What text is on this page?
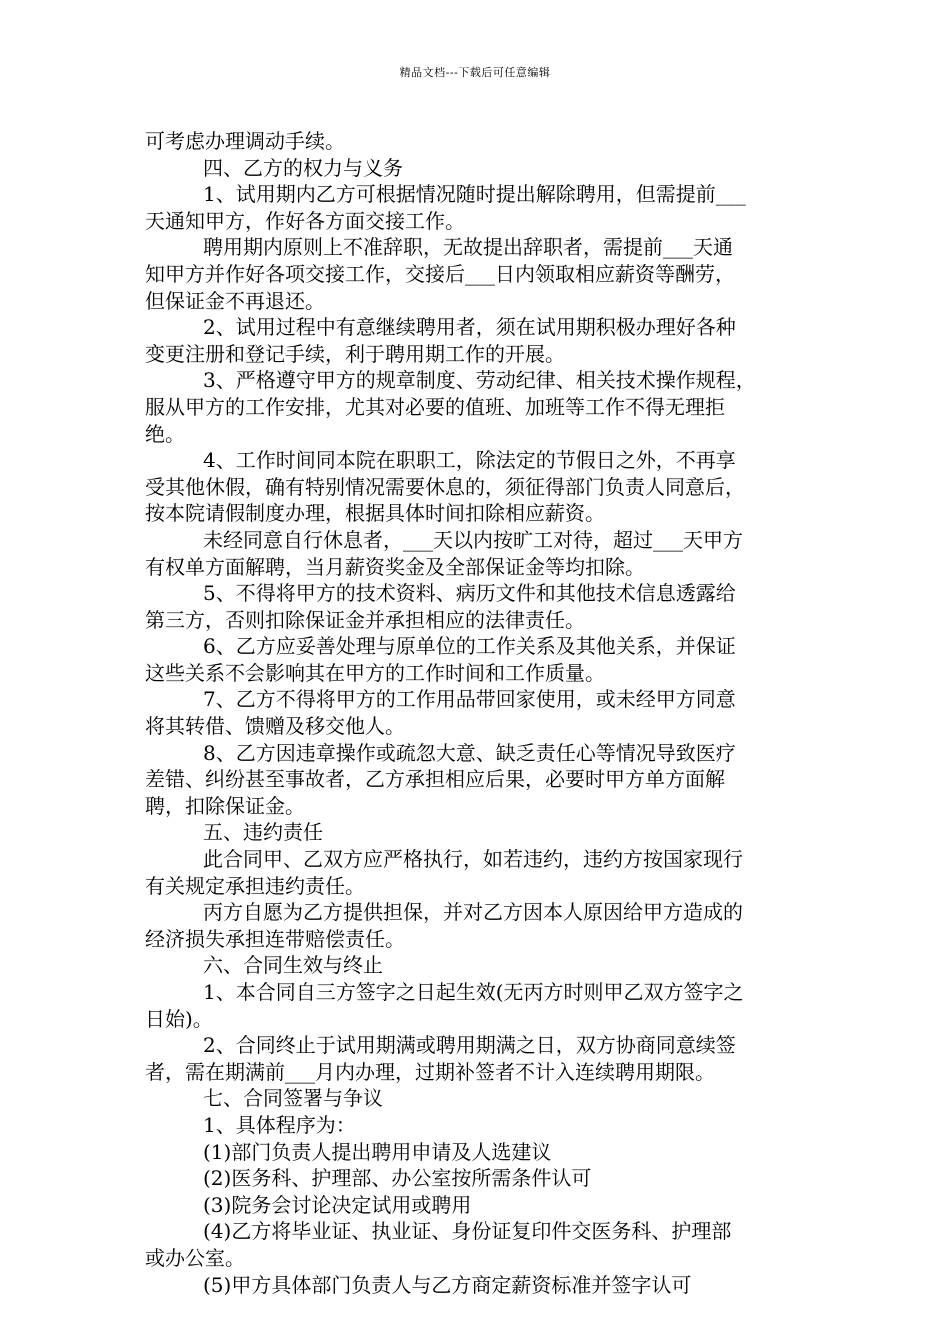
精品文档---下载后可任意编辑

可考虑办理调动手续。

四、乙方的权力与义务

1、试用期内乙方可根据情况随时提出解除聘用，但需提前___

天通知甲方，作好各方面交接工作。

聘用期内原则上不准辞职，无故提出辞职者，需提前___天通

知甲方并作好各项交接工作，交接后___日内领取相应薪资等酬劳，

但保证金不再退还。

2、试用过程中有意继续聘用者，须在试用期积极办理好各种

变更注册和登记手续，利于聘用期工作的开展。

3、严格遵守甲方的规章制度、劳动纪律、相关技术操作规程，

服从甲方的工作安排，尤其对必要的值班、加班等工作不得无理拒

绝。

4、工作时间同本院在职职工，除法定的节假日之外，不再享

受其他休假，确有特别情况需要休息的，须征得部门负责人同意后，

按本院请假制度办理，根据具体时间扣除相应薪资。

未经同意自行休息者，___天以内按旷工对待，超过___天甲方

有权单方面解聘，当月薪资奖金及全部保证金等均扣除。

5、不得将甲方的技术资料、病历文件和其他技术信息透露给

第三方，否则扣除保证金并承担相应的法律责任。

6、乙方应妥善处理与原单位的工作关系及其他关系，并保证

这些关系不会影响其在甲方的工作时间和工作质量。

7、乙方不得将甲方的工作用品带回家使用，或未经甲方同意

将其转借、馈赠及移交他人。

8、乙方因违章操作或疏忽大意、缺乏责任心等情况导致医疗

差错、纠纷甚至事故者，乙方承担相应后果，必要时甲方单方面解

聘，扣除保证金。

五、违约责任

此合同甲、乙双方应严格执行，如若违约，违约方按国家现行

有关规定承担违约责任。

丙方自愿为乙方提供担保，并对乙方因本人原因给甲方造成的

经济损失承担连带赔偿责任。

六、合同生效与终止

1、本合同自三方签字之日起生效(无丙方时则甲乙双方签字之

日始)。

2、合同终止于试用期满或聘用期满之日，双方协商同意续签

者，需在期满前___月内办理，过期补签者不计入连续聘用期限。

七、合同签署与争议

1、具体程序为：

(1)部门负责人提出聘用申请及人选建议

(2)医务科、护理部、办公室按所需条件认可

(3)院务会讨论决定试用或聘用

(4)乙方将毕业证、执业证、身份证复印件交医务科、护理部

或办公室。

(5)甲方具体部门负责人与乙方商定薪资标准并签字认可
